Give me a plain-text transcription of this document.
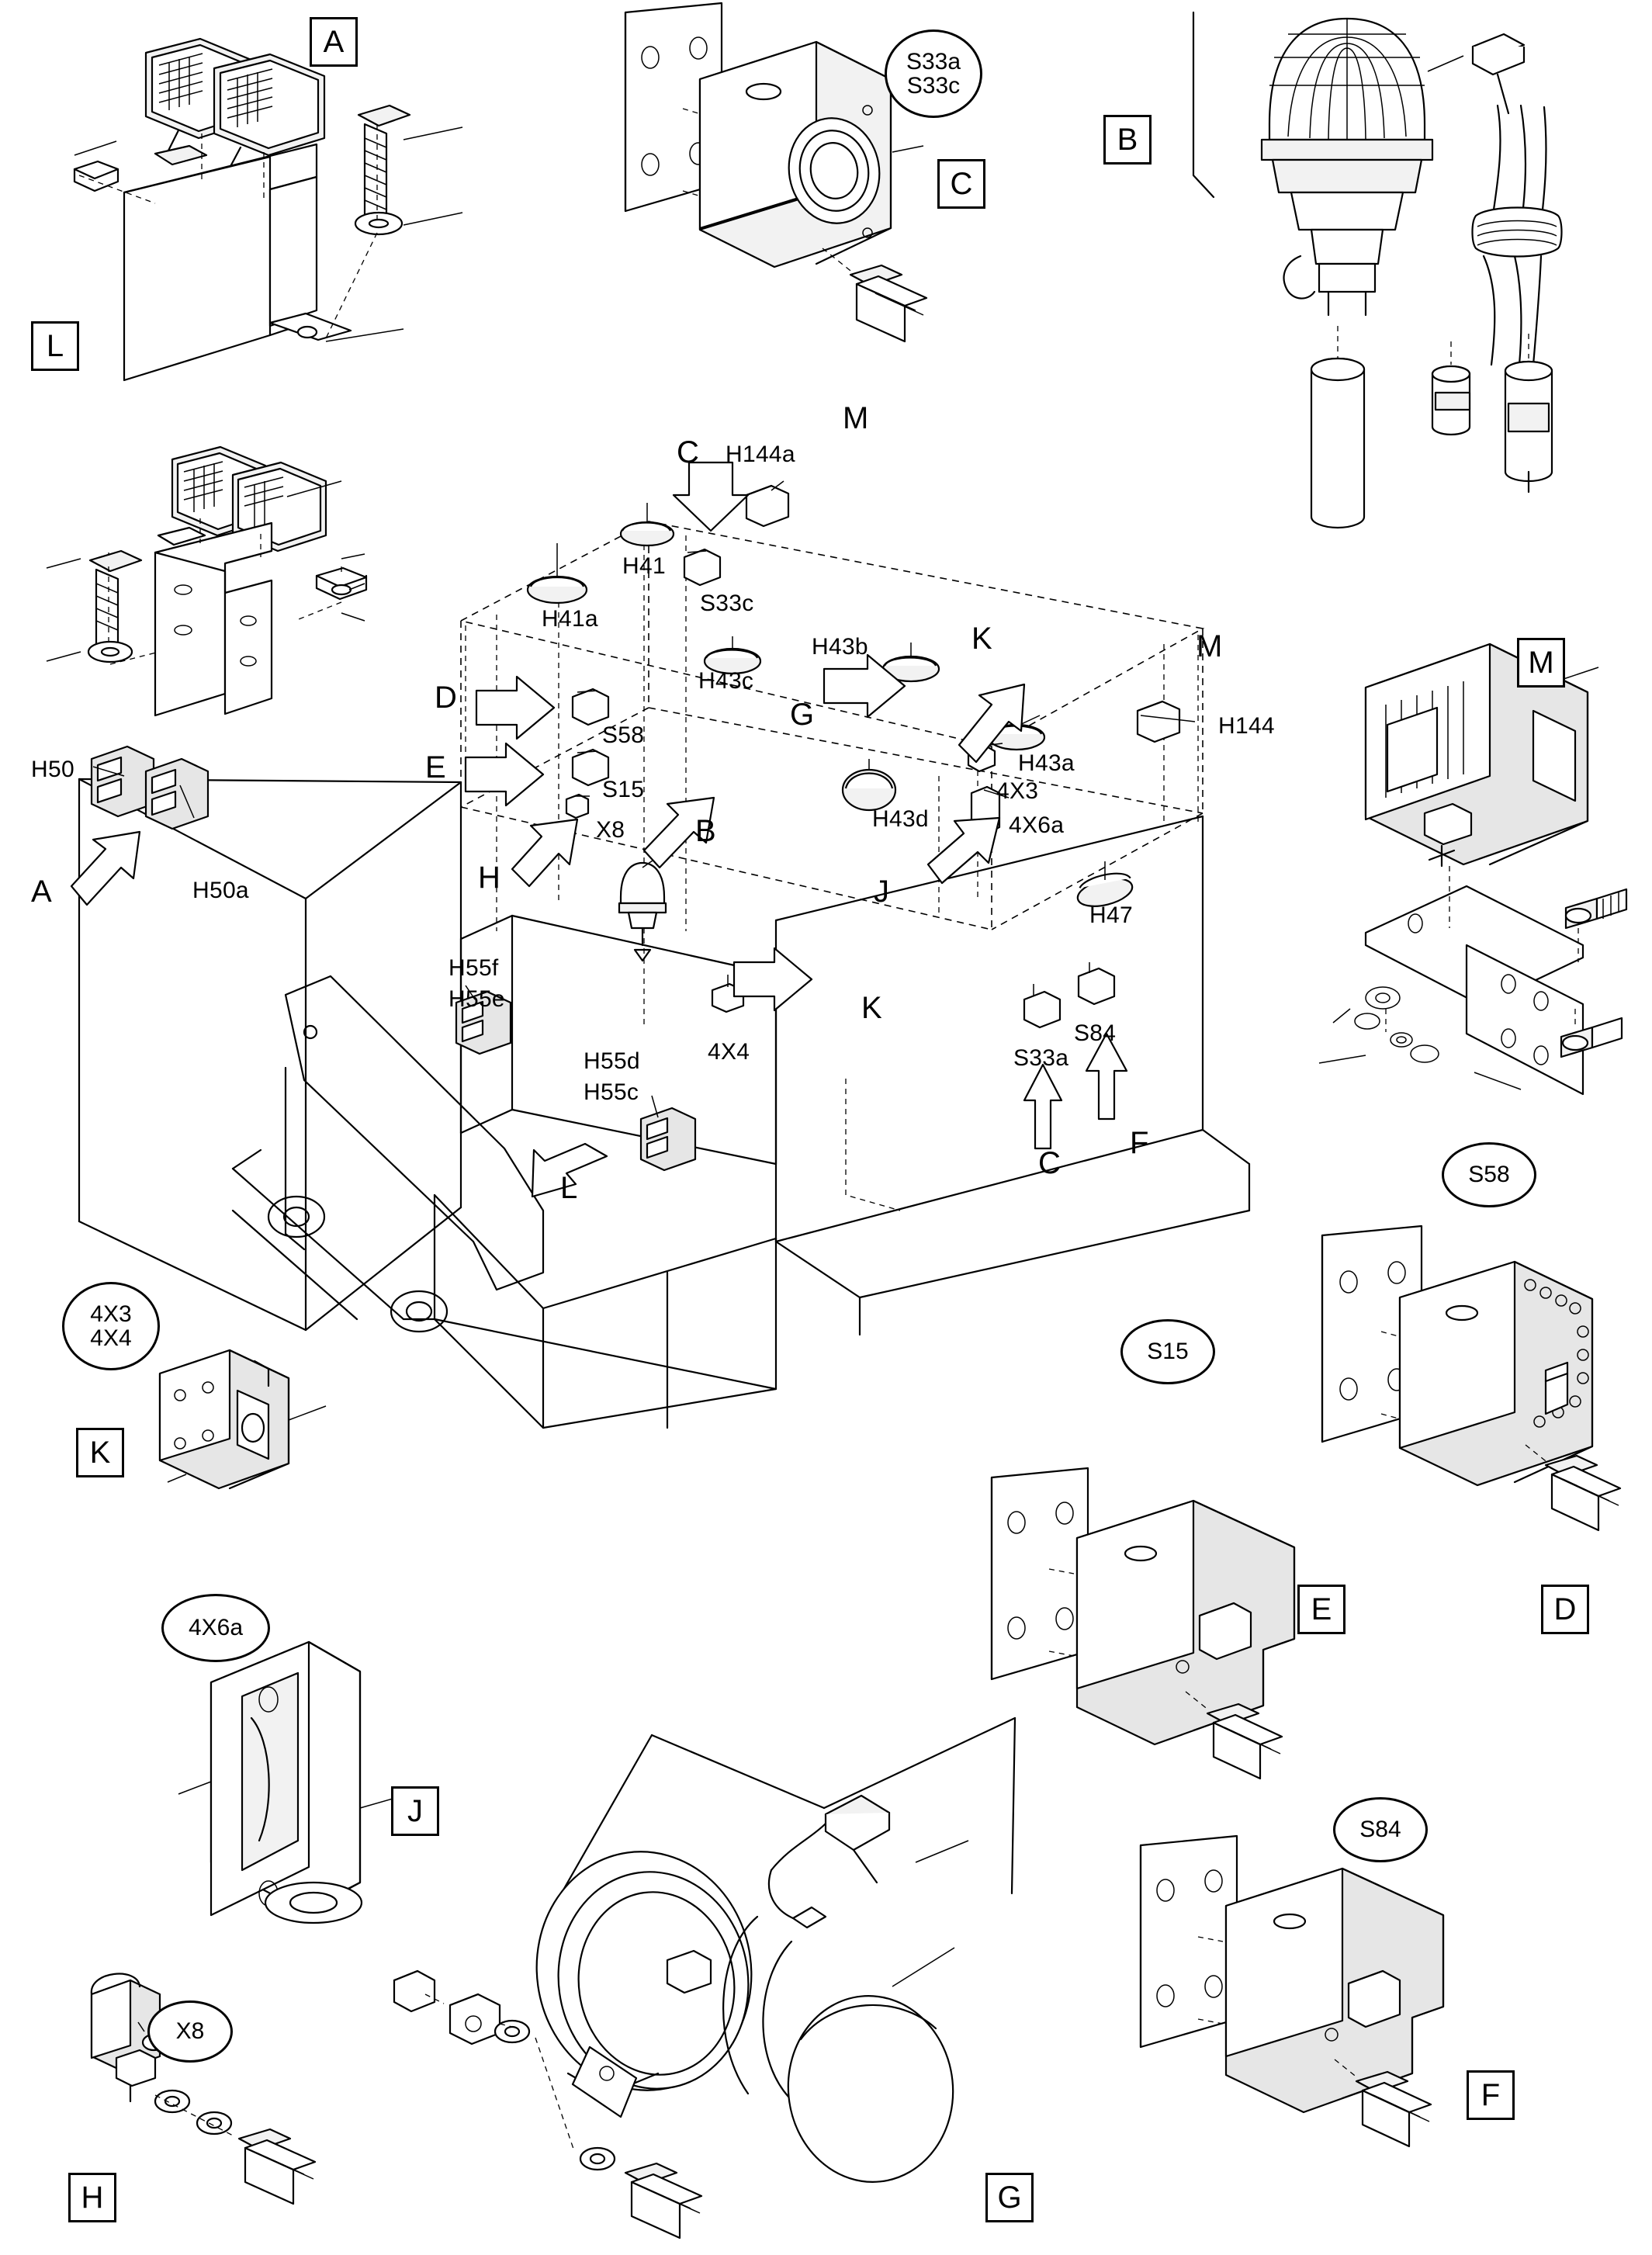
A
L
C
B
M
K
E	D
J
F
H	G
S33a
S33c
S58
S15
S84
4X3
4X4
4X6a
X8
H144a
C
M
H41
H41a
S33c
H43b
H43c
K	M
H144
H43a
4X3
4X6a
H43d
G
D
E
S58
S15
X8
H
B
J
H47
H50
H50a
A
H55f
H55e
H55d
H55c
4X4
K
S33a
S84
F
C
L
